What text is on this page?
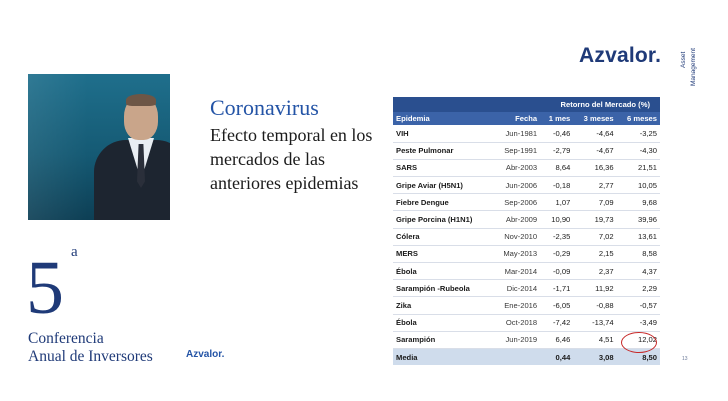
Azvalor.	Asset Management
5 a
Conferencia
Anual de Inversores
Coronavirus
Efecto temporal en los mercados de las anteriores epidemias
Azvalor.	13
Retorno del Mercado (%)				
Epidemia	Fecha	1 mes	3 meses	6 meses
VIH	Jun-1981	-0,46	-4,64	-3,25
Peste Pulmonar	Sep-1991	-2,79	-4,67	-4,30
SARS	Abr-2003	8,64	16,36	21,51
Gripe Aviar (H5N1)	Jun-2006	-0,18	2,77	10,05
Fiebre Dengue	Sep-2006	1,07	7,09	9,68
Gripe Porcina (H1N1)	Abr-2009	10,90	19,73	39,96
Cólera	Nov-2010	-2,35	7,02	13,61
MERS	May-2013	-0,29	2,15	8,58
Ébola	Mar-2014	-0,09	2,37	4,37
Sarampión -Rubeola	Dic-2014	-1,71	11,92	2,29
Zika	Ene-2016	-6,05	-0,88	-0,57
Ébola	Oct-2018	-7,42	-13,74	-3,49
Sarampión	Jun-2019	6,46	4,51	12,02
Media		0,44	3,08	8,50
